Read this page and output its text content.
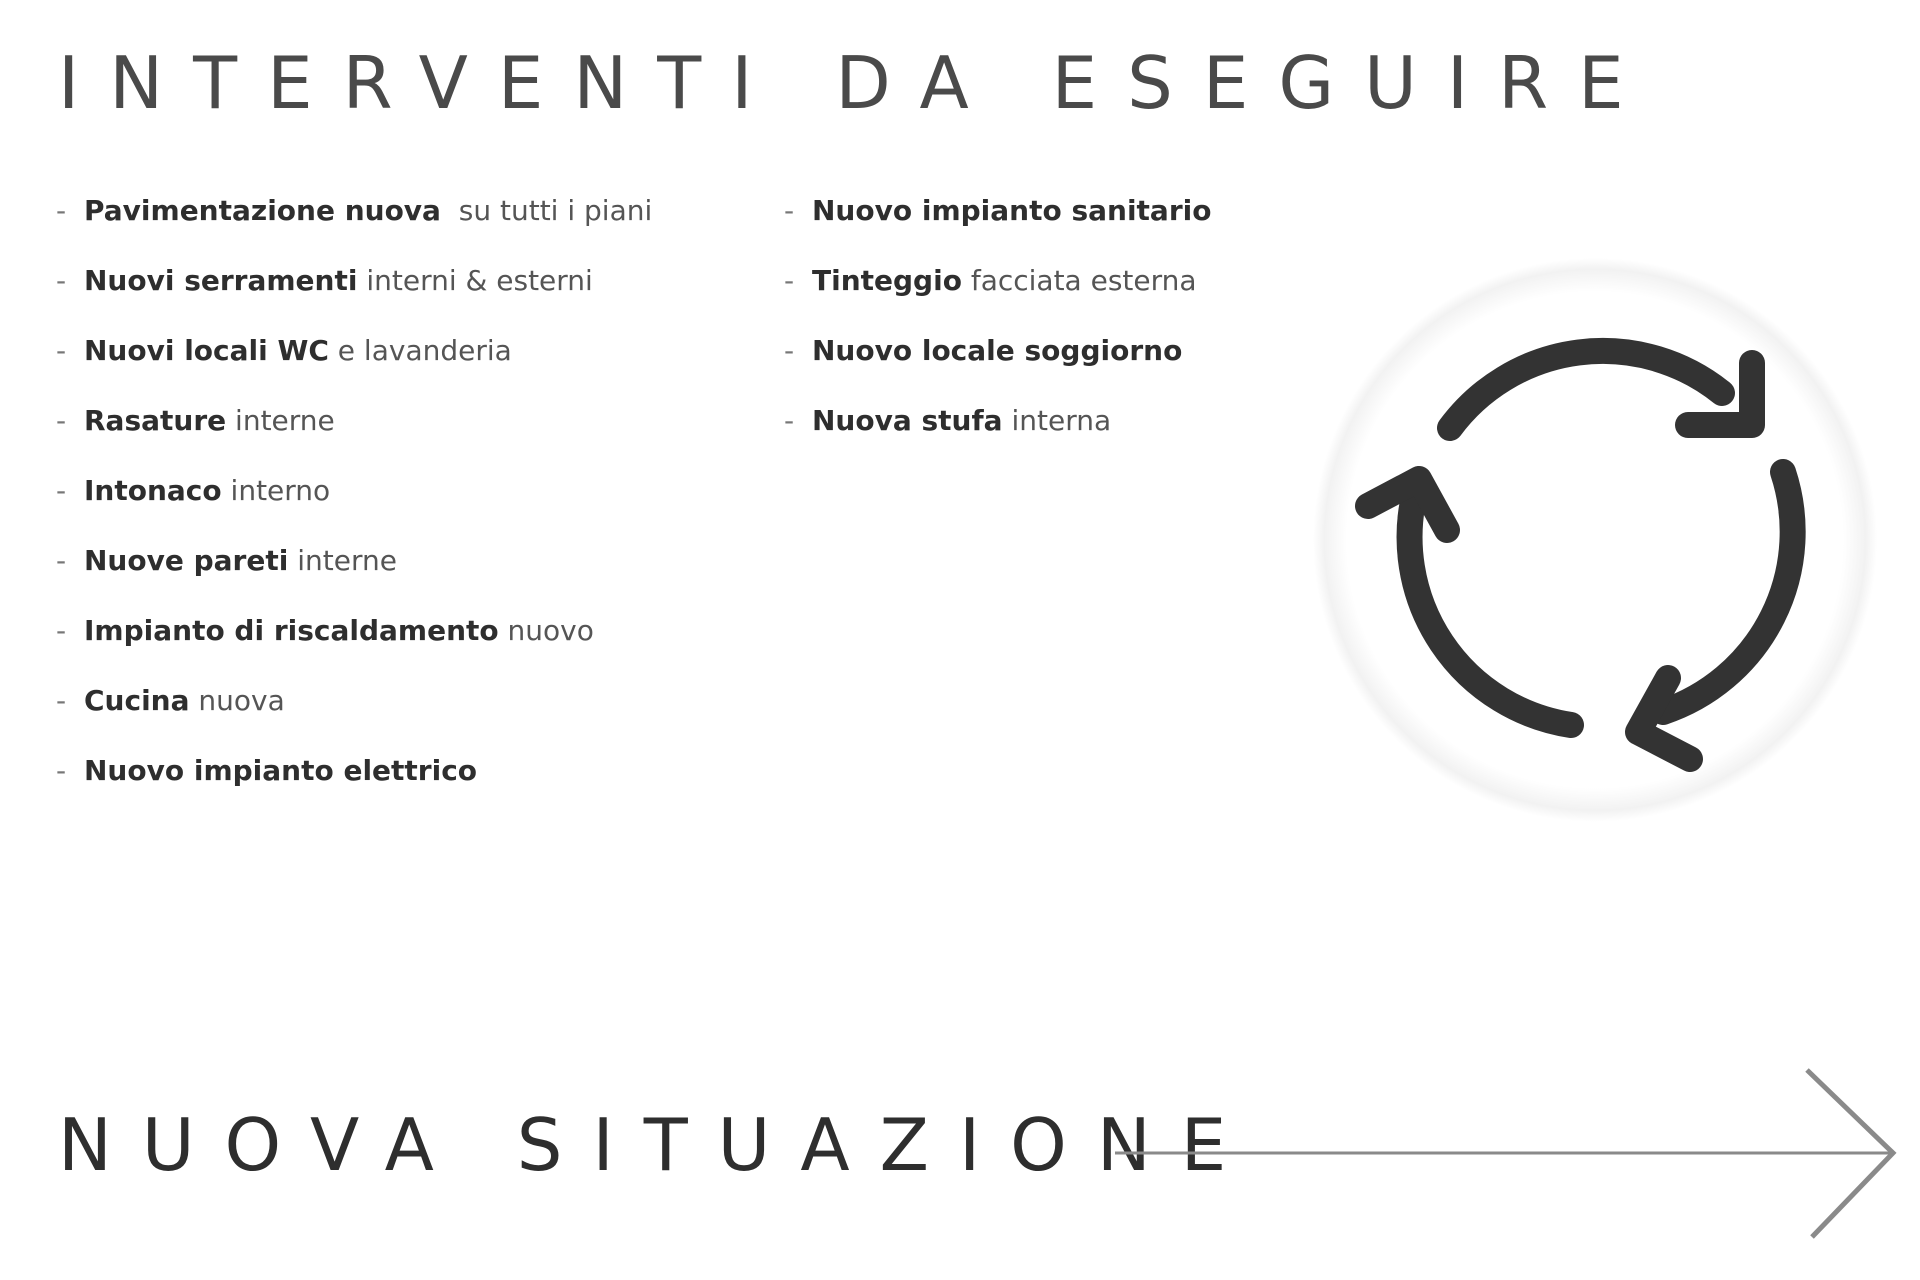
INTERVENTI DA ESEGUIRE
- Pavimentazione nuova  su tutti i piani
- Nuovi serramenti interni & esterni
- Nuovi locali WC e lavanderia
- Rasature interne
- Intonaco interno
- Nuove pareti interne
- Impianto di riscaldamento nuovo
- Cucina nuova
- Nuovo impianto elettrico
- Nuovo impianto sanitario
- Tinteggio facciata esterna
- Nuovo locale soggiorno
- Nuova stufa interna
NUOVA SITUAZIONE
